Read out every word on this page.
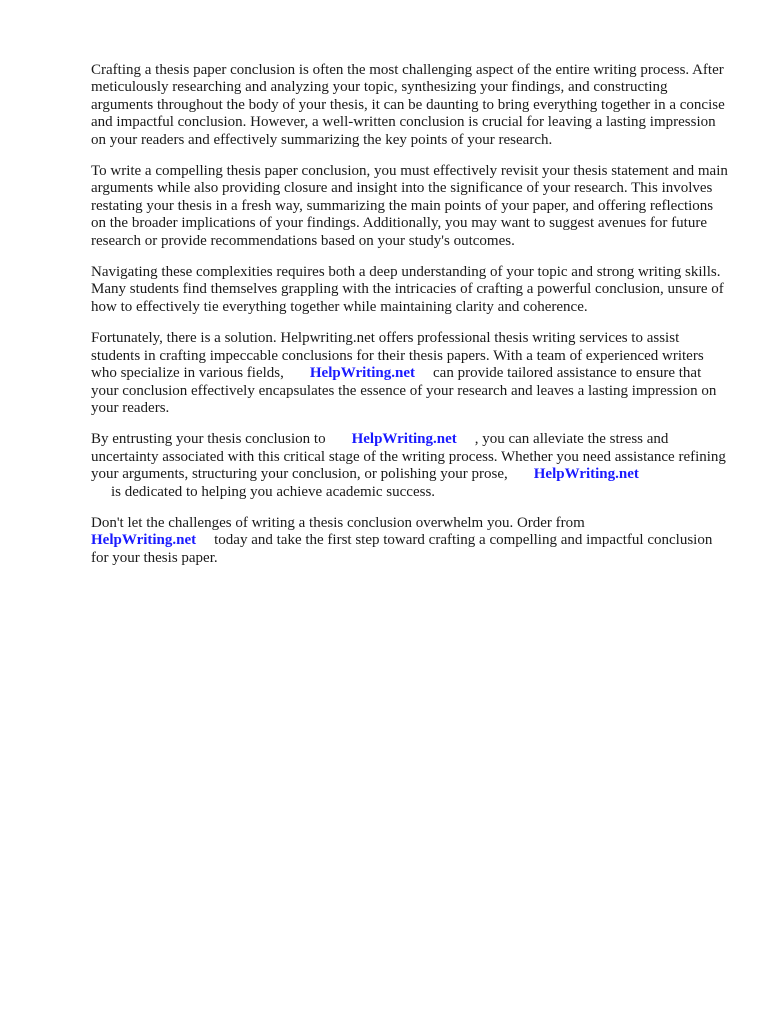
Crafting a thesis paper conclusion is often the most challenging aspect of the entire writing process. After meticulously researching and analyzing your topic, synthesizing your findings, and constructing arguments throughout the body of your thesis, it can be daunting to bring everything together in a concise and impactful conclusion. However, a well-written conclusion is crucial for leaving a lasting impression on your readers and effectively summarizing the key points of your research.

To write a compelling thesis paper conclusion, you must effectively revisit your thesis statement and main arguments while also providing closure and insight into the significance of your research. This involves restating your thesis in a fresh way, summarizing the main points of your paper, and offering reflections on the broader implications of your findings. Additionally, you may want to suggest avenues for future research or provide recommendations based on your study's outcomes.

Navigating these complexities requires both a deep understanding of your topic and strong writing skills. Many students find themselves grappling with the intricacies of crafting a powerful conclusion, unsure of how to effectively tie everything together while maintaining clarity and coherence.

Fortunately, there is a solution. Helpwriting.net offers professional thesis writing services to assist students in crafting impeccable conclusions for their thesis papers. With a team of experienced writers who specialize in various fields, HelpWriting.net can provide tailored assistance to ensure that your conclusion effectively encapsulates the essence of your research and leaves a lasting impression on your readers.

By entrusting your thesis conclusion to HelpWriting.net , you can alleviate the stress and uncertainty associated with this critical stage of the writing process. Whether you need assistance refining your arguments, structuring your conclusion, or polishing your prose, HelpWriting.net
is dedicated to helping you achieve academic success.

Don't let the challenges of writing a thesis conclusion overwhelm you. Order from
HelpWriting.net today and take the first step toward crafting a compelling and impactful conclusion for your thesis paper.
